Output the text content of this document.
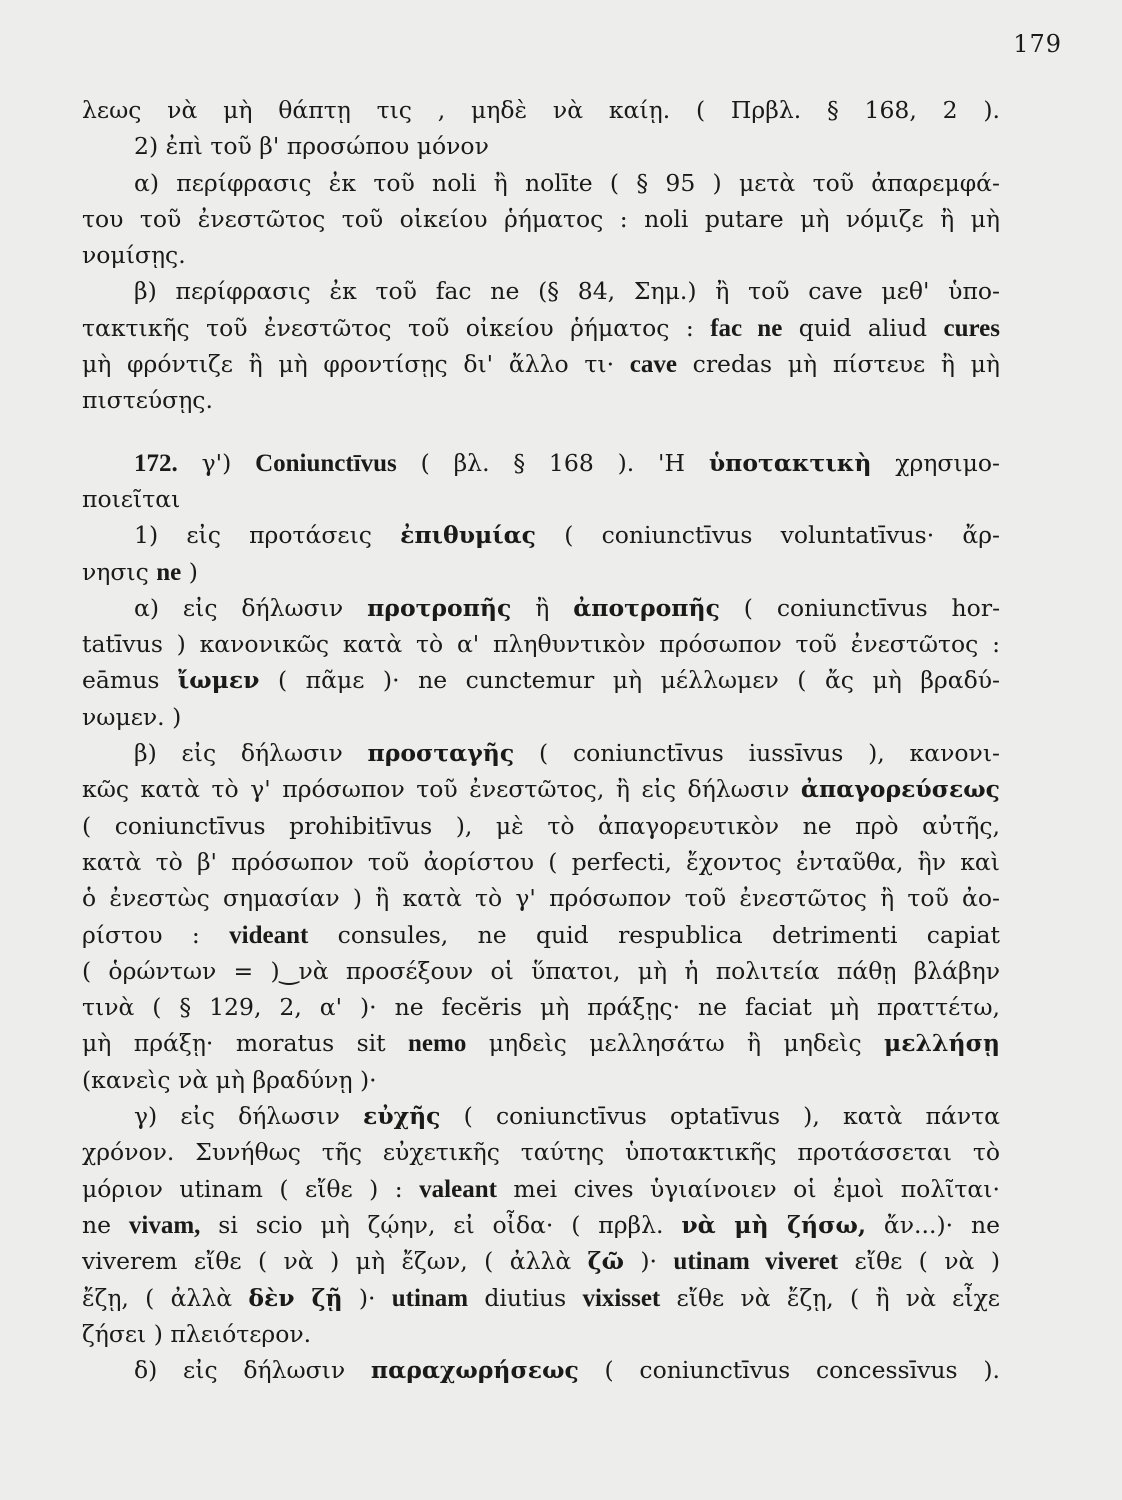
179
λεως νὰ μὴ θάπτῃ τις , μηδὲ νὰ καίῃ. ( Πρβλ. § 168, 2 ).
2) ἐπὶ τοῦ β' προσώπου μόνον
α) περίφρασις ἐκ τοῦ noli ἢ nolīte ( § 95 ) μετὰ τοῦ ἀπαρεμφά-
του τοῦ ἐνεστῶτος τοῦ οἰκείου ῥήματος : noli putare μὴ νόμιζε ἢ μὴ
νομίσῃς.
β) περίφρασις ἐκ τοῦ fac ne (§ 84, Σημ.) ἢ τοῦ cave μεθ' ὑπο-
τακτικῆς τοῦ ἐνεστῶτος τοῦ οἰκείου ῥήματος : fac ne quid aliud cures
μὴ φρόντιζε ἢ μὴ φροντίσῃς δι' ἄλλο τι· cave credas μὴ πίστευε ἢ μὴ
πιστεύσῃς.
172. γ') Coniunctīvus ( βλ. § 168 ). 'Η ὑποτακτικὴ χρησιμο-
ποιεῖται
1) εἰς προτάσεις ἐπιθυμίας ( coniunctīvus voluntatīvus· ἄρ-
νησις ne )
α) εἰς δήλωσιν προτροπῆς ἢ ἀποτροπῆς ( coniunctīvus hor-
tatīvus ) κανονικῶς κατὰ τὸ α' πληθυντικὸν πρόσωπον τοῦ ἐνεστῶτος :
eāmus ἴωμεν ( πᾶμε )· ne cunctemur μὴ μέλλωμεν ( ἄς μὴ βραδύ-
νωμεν. )
β) εἰς δήλωσιν προσταγῆς ( coniunctīvus iussīvus ), κανονι-
κῶς κατὰ τὸ γ' πρόσωπον τοῦ ἐνεστῶτος, ἢ εἰς δήλωσιν ἀπαγορεύσεως
( coniunctīvus prohibitīvus ), μὲ τὸ ἀπαγορευτικὸν ne πρὸ αὐτῆς,
κατὰ τὸ β' πρόσωπον τοῦ ἀορίστου ( perfecti, ἔχοντος ἐνταῦθα, ἣν καὶ
ὁ ἐνεστὼς σημασίαν ) ἢ κατὰ τὸ γ' πρόσωπον τοῦ ἐνεστῶτος ἢ τοῦ ἀο-
ρίστου : videant consules, ne quid respublica detrimenti capiat
( ὁρώντων = )‿νὰ προσέξουν οἱ ὕπατοι, μὴ ἡ πολιτεία πάθῃ βλάβην
τινὰ ( § 129, 2, α' )· ne fecĕris μὴ πράξῃς· ne faciat μὴ πραττέτω,
μὴ πράξῃ· moratus sit nemo μηδεὶς μελλησάτω ἢ μηδεὶς μελλήσῃ
(κανεὶς νὰ μὴ βραδύνῃ )·
γ) εἰς δήλωσιν εὐχῆς ( coniunctīvus optatīvus ), κατὰ πάντα
χρόνον. Συνήθως τῆς εὐχετικῆς ταύτης ὑποτακτικῆς προτάσσεται τὸ
μόριον utinam ( εἴθε ) : valeant mei cives ὑγιαίνοιεν οἱ ἐμοὶ πολῖται·
ne vivam, si scio μὴ ζῴην, εἰ οἶδα· ( πρβλ. νὰ μὴ ζήσω, ἄν...)· ne
viverem εἴθε ( νὰ ) μὴ ἔζων, ( ἀλλὰ ζῶ )· utinam viveret εἴθε ( νὰ )
ἔζῃ, ( ἀλλὰ δὲν ζῇ )· utinam diutius vixisset εἴθε νὰ ἔζῃ, ( ἢ νὰ εἶχε
ζήσει ) πλειότερον.
δ) εἰς δήλωσιν παραχωρήσεως ( coniunctīvus concessīvus ).
